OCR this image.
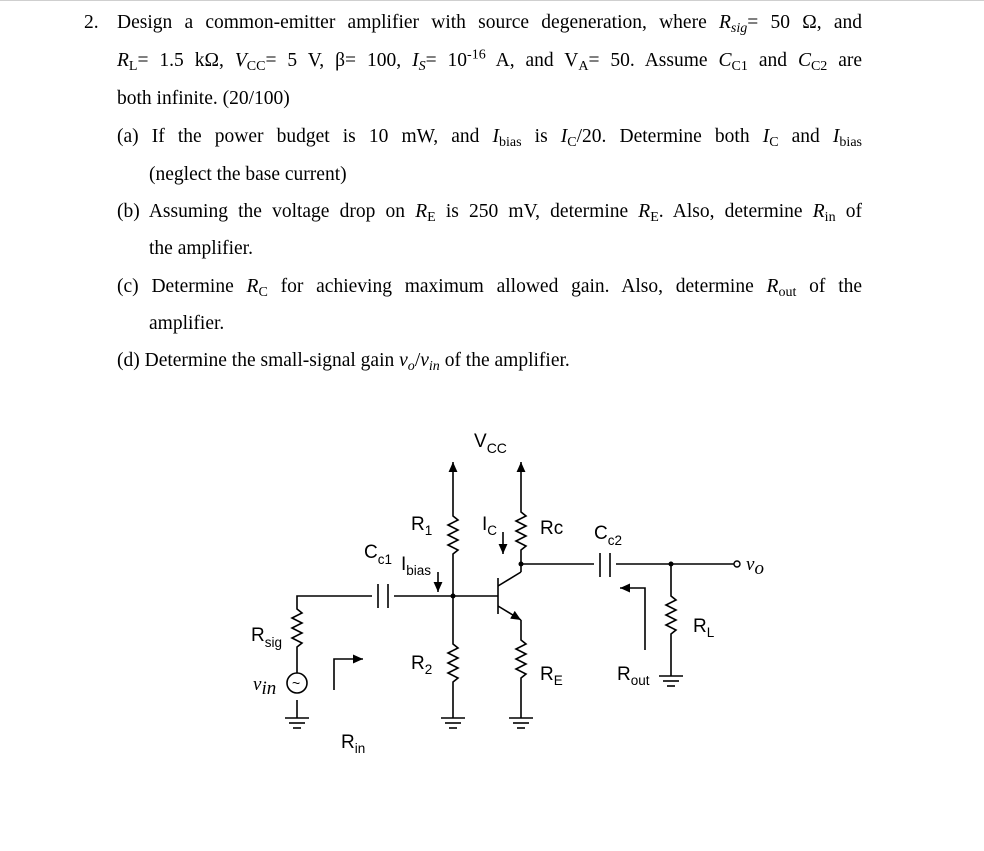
2. Design a common-emitter amplifier with source degeneration, where $R_{sig}= 50$ Ω, and
$R_L= 1.5$ kΩ, $V_{CC}= 5$ V, β= 100, $I_S= 10^{-16}$ A, and $V_A= 50$. Assume $C_{C1}$ and $C_{C2}$ are
both infinite. (20/100)
(a) If the power budget is 10 mW, and $I_{bias}$ is $I_C/20$. Determine both $I_C$ and $I_{bias}$
(neglect the base current)
(b) Assuming the voltage drop on $R_E$ is 250 mV, determine $R_E$. Also, determine $R_{in}$ of
the amplifier.
(c) Determine $R_C$ for achieving maximum allowed gain. Also, determine $R_{out}$ of the
amplifier.
(d) Determine the small-signal gain $v_o/v_{in}$ of the amplifier.
$V_{CC}$
$R_1$	$I_C$ Rc $C_{c2}$
$C_{c1}$ $I_{bias}$	vo
$R_L$
$R_{sig}$
$R_2$	$R_E$	$R_{out}$
vin ~
$R_{in}$
